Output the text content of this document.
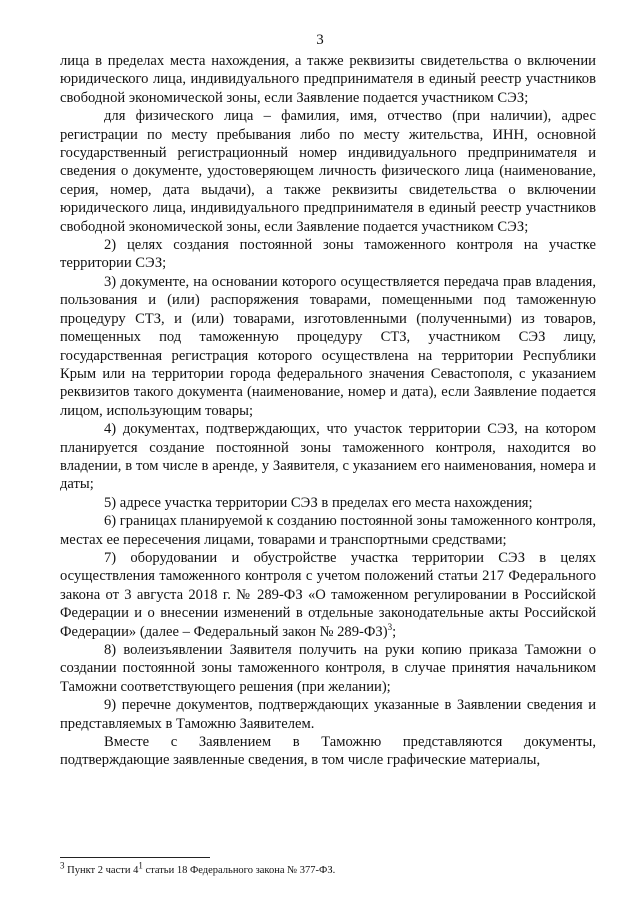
3

лица в пределах места нахождения, а также реквизиты свидетельства о включении юридического лица, индивидуального предпринимателя в единый реестр участников свободной экономической зоны, если Заявление подается участником СЭЗ;

для физического лица – фамилия, имя, отчество (при наличии), адрес регистрации по месту пребывания либо по месту жительства, ИНН, основной государственный регистрационный номер индивидуального предпринимателя и сведения о документе, удостоверяющем личность физического лица (наименование, серия, номер, дата выдачи), а также реквизиты свидетельства о включении юридического лица, индивидуального предпринимателя в единый реестр участников свободной экономической зоны, если Заявление подается участником СЭЗ;

2) целях создания постоянной зоны таможенного контроля на участке территории СЭЗ;

3) документе, на основании которого осуществляется передача прав владения, пользования и (или) распоряжения товарами, помещенными под таможенную процедуру СТЗ, и (или) товарами, изготовленными (полученными) из товаров, помещенных под таможенную процедуру СТЗ, участником СЭЗ лицу, государственная регистрация которого осуществлена на территории Республики Крым или на территории города федерального значения Севастополя, с указанием реквизитов такого документа (наименование, номер и дата), если Заявление подается лицом, использующим товары;

4) документах, подтверждающих, что участок территории СЭЗ, на котором планируется создание постоянной зоны таможенного контроля, находится во владении, в том числе в аренде, у Заявителя, с указанием его наименования, номера и даты;

5) адресе участка территории СЭЗ в пределах его места нахождения;

6) границах планируемой к созданию постоянной зоны таможенного контроля, местах ее пересечения лицами, товарами и транспортными средствами;

7) оборудовании и обустройстве участка территории СЭЗ в целях осуществления таможенного контроля с учетом положений статьи 217 Федерального закона от 3 августа 2018 г. № 289-ФЗ «О таможенном регулировании в Российской Федерации и о внесении изменений в отдельные законодательные акты Российской Федерации» (далее – Федеральный закон № 289-ФЗ)$^3$;

8) волеизъявлении Заявителя получить на руки копию приказа Таможни о создании постоянной зоны таможенного контроля, в случае принятия начальником Таможни соответствующего решения (при желании);

9) перечне документов, подтверждающих указанные в Заявлении сведения и представляемых в Таможню Заявителем.

Вместе с Заявлением в Таможню представляются документы, подтверждающие заявленные сведения, в том числе графические материалы,

$^3$ Пункт 2 части $4^1$ статьи 18 Федерального закона № 377-ФЗ.
